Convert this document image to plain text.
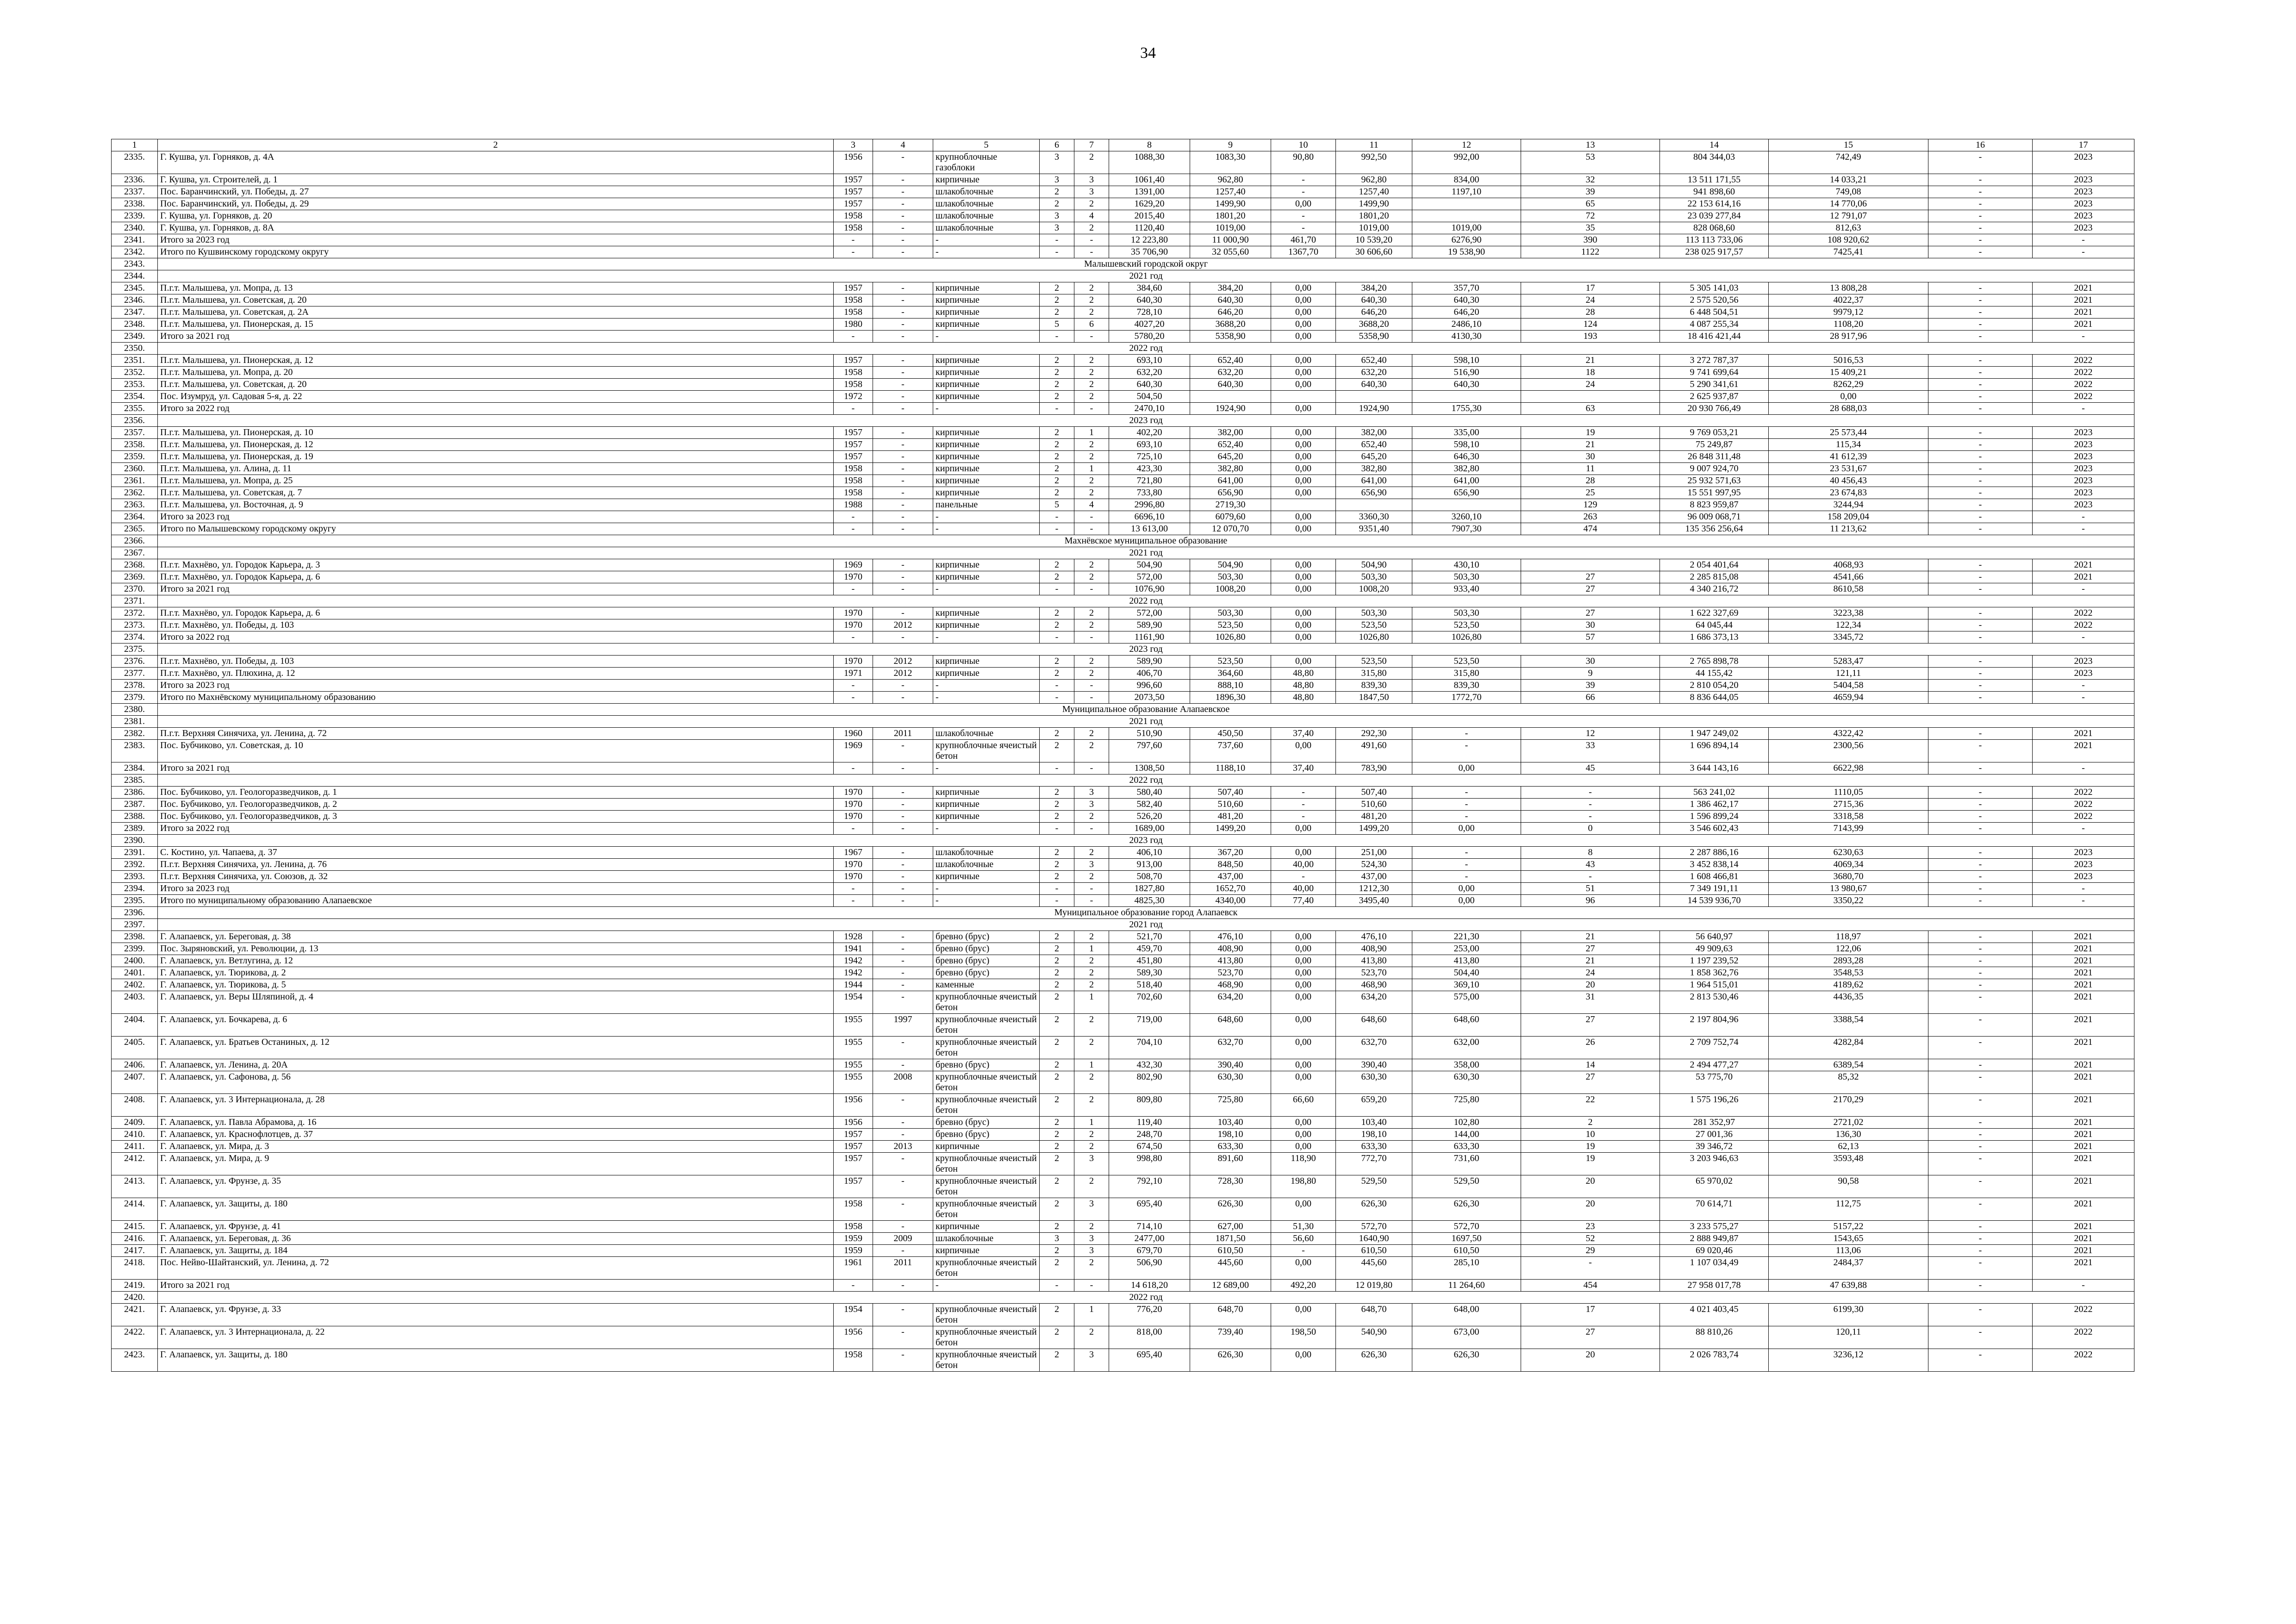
34
1	2	3	4	5	6	7	8	9	10	11	12	13	14	15	16	17
2335.	Г. Кушва, ул. Горняков, д. 4А	1956	-	крупноблочные газоблоки	3	2	1088,30	1083,30	90,80	992,50	992,00	53	804 344,03	742,49	-	2023
2336.	Г. Кушва, ул. Строителей, д. 1	1957	-	кирпичные	3	3	1061,40	962,80	-	962,80	834,00	32	13 511 171,55	14 033,21	-	2023
2337.	Пос. Баранчинский, ул. Победы, д. 27	1957	-	шлакоблочные	2	3	1391,00	1257,40	-	1257,40	1197,10	39	941 898,60	749,08	-	2023
2338.	Пос. Баранчинский, ул. Победы, д. 29	1957	-	шлакоблочные	2	2	1629,20	1499,90	0,00	1499,90		65	22 153 614,16	14 770,06	-	2023
2339.	Г. Кушва, ул. Горняков, д. 20	1958	-	шлакоблочные	3	4	2015,40	1801,20	-	1801,20		72	23 039 277,84	12 791,07	-	2023
2340.	Г. Кушва, ул. Горняков, д. 8А	1958	-	шлакоблочные	3	2	1120,40	1019,00	-	1019,00	1019,00	35	828 068,60	812,63	-	2023
2341.	Итого за 2023 год	-	-	-	-	-	12 223,80	11 000,90	461,70	10 539,20	6276,90	390	113 113 733,06	108 920,62	-	-
2342.	Итого по Кушвинскому городскому округу	-	-	-	-	-	35 706,90	32 055,60	1367,70	30 606,60	19 538,90	1122	238 025 917,57	7425,41	-	-
2343.	Малышевский городской округ															
2344.	2021 год															
2345.	П.г.т. Малышева, ул. Мопра, д. 13	1957	-	кирпичные	2	2	384,60	384,20	0,00	384,20	357,70	17	5 305 141,03	13 808,28	-	2021
2346.	П.г.т. Малышева, ул. Советская, д. 20	1958	-	кирпичные	2	2	640,30	640,30	0,00	640,30	640,30	24	2 575 520,56	4022,37	-	2021
2347.	П.г.т. Малышева, ул. Советская, д. 2А	1958	-	кирпичные	2	2	728,10	646,20	0,00	646,20	646,20	28	6 448 504,51	9979,12	-	2021
2348.	П.г.т. Малышева, ул. Пионерская, д. 15	1980	-	кирпичные	5	6	4027,20	3688,20	0,00	3688,20	2486,10	124	4 087 255,34	1108,20	-	2021
2349.	Итого за 2021 год	-	-	-	-	-	5780,20	5358,90	0,00	5358,90	4130,30	193	18 416 421,44	28 917,96	-	-
2350.	2022 год															
2351.	П.г.т. Малышева, ул. Пионерская, д. 12	1957	-	кирпичные	2	2	693,10	652,40	0,00	652,40	598,10	21	3 272 787,37	5016,53	-	2022
2352.	П.г.т. Малышева, ул. Мопра, д. 20	1958	-	кирпичные	2	2	632,20	632,20	0,00	632,20	516,90	18	9 741 699,64	15 409,21	-	2022
2353.	П.г.т. Малышева, ул. Советская, д. 20	1958	-	кирпичные	2	2	640,30	640,30	0,00	640,30	640,30	24	5 290 341,61	8262,29	-	2022
2354.	Пос. Изумруд, ул. Садовая 5-я, д. 22	1972	-	кирпичные	2	2	504,50						2 625 937,87	0,00	-	2022
2355.	Итого за 2022 год	-	-	-	-	-	2470,10	1924,90	0,00	1924,90	1755,30	63	20 930 766,49	28 688,03	-	-
2356.	2023 год															
2357.	П.г.т. Малышева, ул. Пионерская, д. 10	1957	-	кирпичные	2	1	402,20	382,00	0,00	382,00	335,00	19	9 769 053,21	25 573,44	-	2023
2358.	П.г.т. Малышева, ул. Пионерская, д. 12	1957	-	кирпичные	2	2	693,10	652,40	0,00	652,40	598,10	21	75 249,87	115,34	-	2023
2359.	П.г.т. Малышева, ул. Пионерская, д. 19	1957	-	кирпичные	2	2	725,10	645,20	0,00	645,20	646,30	30	26 848 311,48	41 612,39	-	2023
2360.	П.г.т. Малышева, ул. Алина, д. 11	1958	-	кирпичные	2	1	423,30	382,80	0,00	382,80	382,80	11	9 007 924,70	23 531,67	-	2023
2361.	П.г.т. Малышева, ул. Мопра, д. 25	1958	-	кирпичные	2	2	721,80	641,00	0,00	641,00	641,00	28	25 932 571,63	40 456,43	-	2023
2362.	П.г.т. Малышева, ул. Советская, д. 7	1958	-	кирпичные	2	2	733,80	656,90	0,00	656,90	656,90	25	15 551 997,95	23 674,83	-	2023
2363.	П.г.т. Малышева, ул. Восточная, д. 9	1988	-	панельные	5	4	2996,80	2719,30				129	8 823 959,87	3244,94	-	2023
2364.	Итого за 2023 год	-	-	-	-	-	6696,10	6079,60	0,00	3360,30	3260,10	263	96 009 068,71	158 209,04	-	-
2365.	Итого по Малышевскому городскому округу	-	-	-	-	-	13 613,00	12 070,70	0,00	9351,40	7907,30	474	135 356 256,64	11 213,62	-	-
2366.	Махнёвское муниципальное образование															
2367.	2021 год															
2368.	П.г.т. Махнёво, ул. Городок Карьера, д. 3	1969	-	кирпичные	2	2	504,90	504,90	0,00	504,90	430,10		2 054 401,64	4068,93	-	2021
2369.	П.г.т. Махнёво, ул. Городок Карьера, д. 6	1970	-	кирпичные	2	2	572,00	503,30	0,00	503,30	503,30	27	2 285 815,08	4541,66	-	2021
2370.	Итого за 2021 год	-	-	-	-	-	1076,90	1008,20	0,00	1008,20	933,40	27	4 340 216,72	8610,58	-	-
2371.	2022 год															
2372.	П.г.т. Махнёво, ул. Городок Карьера, д. 6	1970	-	кирпичные	2	2	572,00	503,30	0,00	503,30	503,30	27	1 622 327,69	3223,38	-	2022
2373.	П.г.т. Махнёво, ул. Победы, д. 103	1970	2012	кирпичные	2	2	589,90	523,50	0,00	523,50	523,50	30	64 045,44	122,34	-	2022
2374.	Итого за 2022 год	-	-	-	-	-	1161,90	1026,80	0,00	1026,80	1026,80	57	1 686 373,13	3345,72	-	-
2375.	2023 год															
2376.	П.г.т. Махнёво, ул. Победы, д. 103	1970	2012	кирпичные	2	2	589,90	523,50	0,00	523,50	523,50	30	2 765 898,78	5283,47	-	2023
2377.	П.г.т. Махнёво, ул. Плюхина, д. 12	1971	2012	кирпичные	2	2	406,70	364,60	48,80	315,80	315,80	9	44 155,42	121,11	-	2023
2378.	Итого за 2023 год	-	-	-	-	-	996,60	888,10	48,80	839,30	839,30	39	2 810 054,20	5404,58	-	-
2379.	Итого по Махнёвскому муниципальному образованию	-	-	-	-	-	2073,50	1896,30	48,80	1847,50	1772,70	66	8 836 644,05	4659,94	-	-
2380.	Муниципальное образование Алапаевское															
2381.	2021 год															
2382.	П.г.т. Верхняя Синячиха, ул. Ленина, д. 72	1960	2011	шлакоблочные	2	2	510,90	450,50	37,40	292,30	-	12	1 947 249,02	4322,42	-	2021
2383.	Пос. Бубчиково, ул. Советская, д. 10	1969	-	крупноблочные ячеистый бетон	2	2	797,60	737,60	0,00	491,60	-	33	1 696 894,14	2300,56	-	2021
2384.	Итого за 2021 год	-	-	-	-	-	1308,50	1188,10	37,40	783,90	0,00	45	3 644 143,16	6622,98	-	-
2385.	2022 год															
2386.	Пос. Бубчиково, ул. Геологоразведчиков, д. 1	1970	-	кирпичные	2	3	580,40	507,40	-	507,40	-	-	563 241,02	1110,05	-	2022
2387.	Пос. Бубчиково, ул. Геологоразведчиков, д. 2	1970	-	кирпичные	2	3	582,40	510,60	-	510,60	-	-	1 386 462,17	2715,36	-	2022
2388.	Пос. Бубчиково, ул. Геологоразведчиков, д. 3	1970	-	кирпичные	2	2	526,20	481,20	-	481,20	-	-	1 596 899,24	3318,58	-	2022
2389.	Итого за 2022 год	-	-	-	-	-	1689,00	1499,20	0,00	1499,20	0,00	0	3 546 602,43	7143,99	-	-
2390.	2023 год															
2391.	С. Костино, ул. Чапаева, д. 37	1967	-	шлакоблочные	2	2	406,10	367,20	0,00	251,00	-	8	2 287 886,16	6230,63	-	2023
2392.	П.г.т. Верхняя Синячиха, ул. Ленина, д. 76	1970	-	шлакоблочные	2	3	913,00	848,50	40,00	524,30	-	43	3 452 838,14	4069,34	-	2023
2393.	П.г.т. Верхняя Синячиха, ул. Союзов, д. 32	1970	-	кирпичные	2	2	508,70	437,00	-	437,00	-	-	1 608 466,81	3680,70	-	2023
2394.	Итого за 2023 год	-	-	-	-	-	1827,80	1652,70	40,00	1212,30	0,00	51	7 349 191,11	13 980,67	-	-
2395.	Итого по муниципальному образованию Алапаевское	-	-	-	-	-	4825,30	4340,00	77,40	3495,40	0,00	96	14 539 936,70	3350,22	-	-
2396.	Муниципальное образование город Алапаевск															
2397.	2021 год															
2398.	Г. Алапаевск, ул. Береговая, д. 38	1928	-	бревно (брус)	2	2	521,70	476,10	0,00	476,10	221,30	21	56 640,97	118,97	-	2021
2399.	Пос. Зыряновский, ул. Революции, д. 13	1941	-	бревно (брус)	2	1	459,70	408,90	0,00	408,90	253,00	27	49 909,63	122,06	-	2021
2400.	Г. Алапаевск, ул. Ветлугина, д. 12	1942	-	бревно (брус)	2	2	451,80	413,80	0,00	413,80	413,80	21	1 197 239,52	2893,28	-	2021
2401.	Г. Алапаевск, ул. Тюрикова, д. 2	1942	-	бревно (брус)	2	2	589,30	523,70	0,00	523,70	504,40	24	1 858 362,76	3548,53	-	2021
2402.	Г. Алапаевск, ул. Тюрикова, д. 5	1944	-	каменные	2	2	518,40	468,90	0,00	468,90	369,10	20	1 964 515,01	4189,62	-	2021
2403.	Г. Алапаевск, ул. Веры Шляпиной, д. 4	1954	-	крупноблочные ячеистый бетон	2	1	702,60	634,20	0,00	634,20	575,00	31	2 813 530,46	4436,35	-	2021
2404.	Г. Алапаевск, ул. Бочкарева, д. 6	1955	1997	крупноблочные ячеистый бетон	2	2	719,00	648,60	0,00	648,60	648,60	27	2 197 804,96	3388,54	-	2021
2405.	Г. Алапаевск, ул. Братьев Останиных, д. 12	1955	-	крупноблочные ячеистый бетон	2	2	704,10	632,70	0,00	632,70	632,00	26	2 709 752,74	4282,84	-	2021
2406.	Г. Алапаевск, ул. Ленина, д. 20А	1955	-	бревно (брус)	2	1	432,30	390,40	0,00	390,40	358,00	14	2 494 477,27	6389,54	-	2021
2407.	Г. Алапаевск, ул. Сафонова, д. 56	1955	2008	крупноблочные ячеистый бетон	2	2	802,90	630,30	0,00	630,30	630,30	27	53 775,70	85,32	-	2021
2408.	Г. Алапаевск, ул. 3 Интернационала, д. 28	1956	-	крупноблочные ячеистый бетон	2	2	809,80	725,80	66,60	659,20	725,80	22	1 575 196,26	2170,29	-	2021
2409.	Г. Алапаевск, ул. Павла Абрамова, д. 16	1956	-	бревно (брус)	2	1	119,40	103,40	0,00	103,40	102,80	2	281 352,97	2721,02	-	2021
2410.	Г. Алапаевск, ул. Краснофлотцев, д. 37	1957	-	бревно (брус)	2	2	248,70	198,10	0,00	198,10	144,00	10	27 001,36	136,30	-	2021
2411.	Г. Алапаевск, ул. Мира, д. 3	1957	2013	кирпичные	2	2	674,50	633,30	0,00	633,30	633,30	19	39 346,72	62,13	-	2021
2412.	Г. Алапаевск, ул. Мира, д. 9	1957	-	крупноблочные ячеистый бетон	2	3	998,80	891,60	118,90	772,70	731,60	19	3 203 946,63	3593,48	-	2021
2413.	Г. Алапаевск, ул. Фрунзе, д. 35	1957	-	крупноблочные ячеистый бетон	2	2	792,10	728,30	198,80	529,50	529,50	20	65 970,02	90,58	-	2021
2414.	Г. Алапаевск, ул. Защиты, д. 180	1958	-	крупноблочные ячеистый бетон	2	3	695,40	626,30	0,00	626,30	626,30	20	70 614,71	112,75	-	2021
2415.	Г. Алапаевск, ул. Фрунзе, д. 41	1958	-	кирпичные	2	2	714,10	627,00	51,30	572,70	572,70	23	3 233 575,27	5157,22	-	2021
2416.	Г. Алапаевск, ул. Береговая, д. 36	1959	2009	шлакоблочные	3	3	2477,00	1871,50	56,60	1640,90	1697,50	52	2 888 949,87	1543,65	-	2021
2417.	Г. Алапаевск, ул. Защиты, д. 184	1959	-	кирпичные	2	3	679,70	610,50	-	610,50	610,50	29	69 020,46	113,06	-	2021
2418.	Пос. Нейво-Шайтанский, ул. Ленина, д. 72	1961	2011	крупноблочные ячеистый бетон	2	2	506,90	445,60	0,00	445,60	285,10	-	1 107 034,49	2484,37	-	2021
2419.	Итого за 2021 год	-	-	-	-	-	14 618,20	12 689,00	492,20	12 019,80	11 264,60	454	27 958 017,78	47 639,88	-	-
2420.	2022 год															
2421.	Г. Алапаевск, ул. Фрунзе, д. 33	1954	-	крупноблочные ячеистый бетон	2	1	776,20	648,70	0,00	648,70	648,00	17	4 021 403,45	6199,30	-	2022
2422.	Г. Алапаевск, ул. 3 Интернационала, д. 22	1956	-	крупноблочные ячеистый бетон	2	2	818,00	739,40	198,50	540,90	673,00	27	88 810,26	120,11	-	2022
2423.	Г. Алапаевск, ул. Защиты, д. 180	1958	-	крупноблочные ячеистый бетон	2	3	695,40	626,30	0,00	626,30	626,30	20	2 026 783,74	3236,12	-	2022
